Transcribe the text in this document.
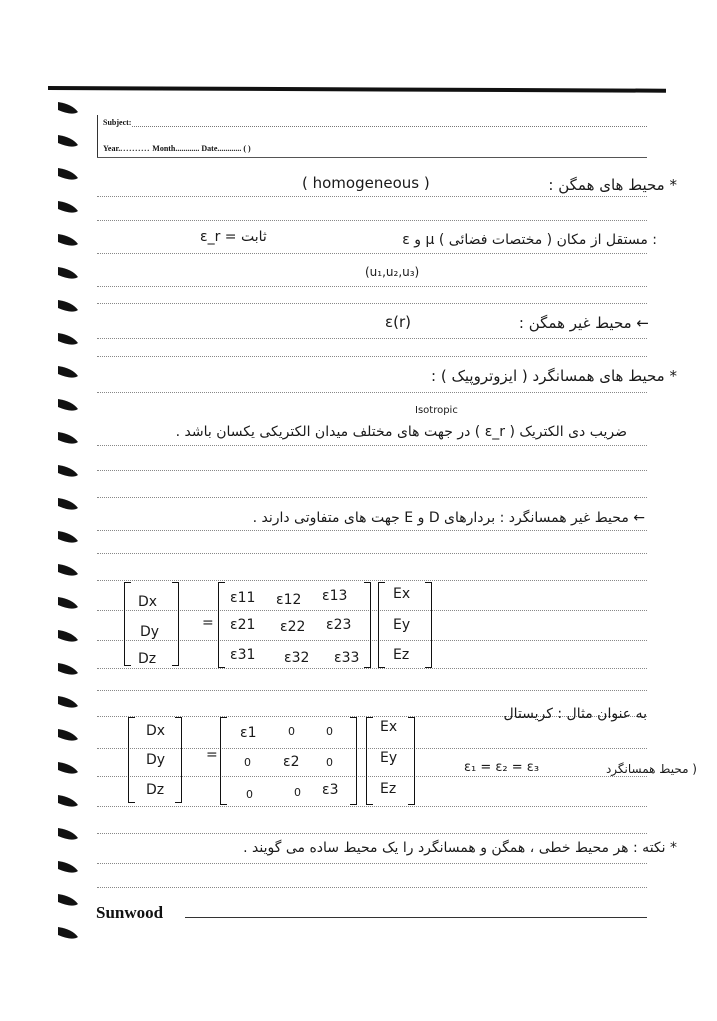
Subject:
Year........... Month............ Date............ ( )
( homogeneous )	* محیط های همگن :
ε و μ مستقل از مکان ( مختصات فضائی ) :
ε_r = ثابت
(u₁,u₂,u₃)
← محیط غیر همگن :
ε(r)
* محیط های همسانگرد ( ایزوتروپیک ) :
Isotropic
ضریب دی الکتریک ( ε_r ) در جهت های مختلف میدان الکتریکی یکسان باشد .
← محیط غیر همسانگرد : بردارهای D و E جهت های متفاوتی دارند .
Dx
Dy
Dz
=
ε11 ε12 ε13
ε21 ε22 ε23
ε31 ε32 ε33
Ex
Ey
Ez
به عنوان مثال : کریستال
Dx
Dy
Dz
=
ε1	0	0
0 ε2 0
0	0 ε3
Ex
Ey
Ez
ε₁ = ε₂ = ε₃	( محیط همسانگرد
* نکته : هر محیط خطی ، همگن و همسانگرد را یک محیط ساده می گویند .
Sunwood
